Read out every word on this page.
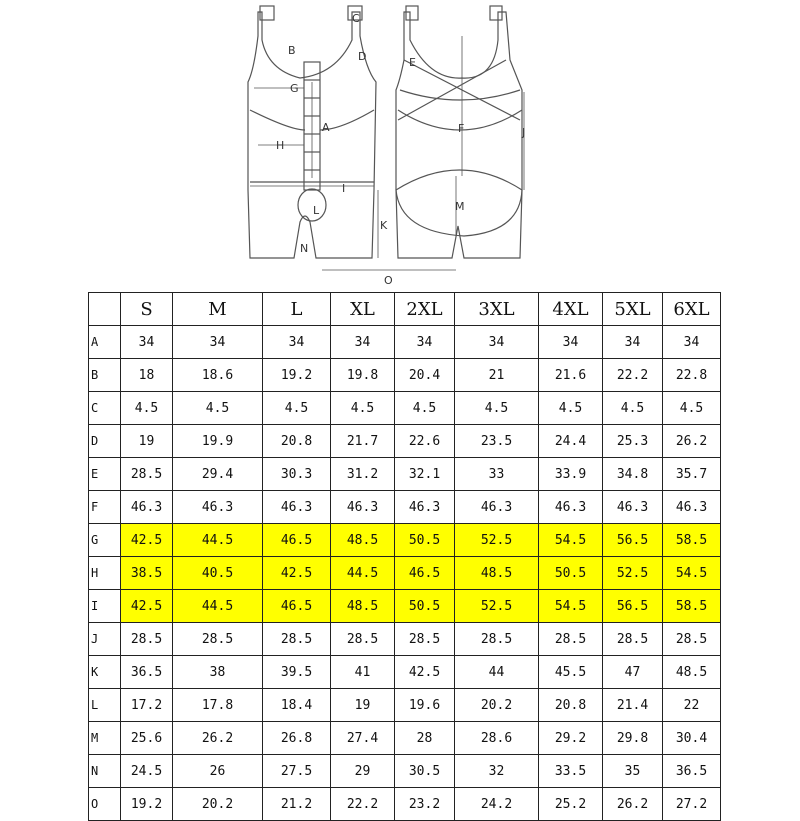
A
B
C
D	E
F
G
H
I
J
K
L	M
N
O
	S	M	L	XL	2XL	3XL	4XL	5XL	6XL
A	34	34	34	34	34	34	34	34	34
B	18	18.6	19.2	19.8	20.4	21	21.6	22.2	22.8
C	4.5	4.5	4.5	4.5	4.5	4.5	4.5	4.5	4.5
D	19	19.9	20.8	21.7	22.6	23.5	24.4	25.3	26.2
E	28.5	29.4	30.3	31.2	32.1	33	33.9	34.8	35.7
F	46.3	46.3	46.3	46.3	46.3	46.3	46.3	46.3	46.3
G	42.5	44.5	46.5	48.5	50.5	52.5	54.5	56.5	58.5
H	38.5	40.5	42.5	44.5	46.5	48.5	50.5	52.5	54.5
I	42.5	44.5	46.5	48.5	50.5	52.5	54.5	56.5	58.5
J	28.5	28.5	28.5	28.5	28.5	28.5	28.5	28.5	28.5
K	36.5	38	39.5	41	42.5	44	45.5	47	48.5
L	17.2	17.8	18.4	19	19.6	20.2	20.8	21.4	22
M	25.6	26.2	26.8	27.4	28	28.6	29.2	29.8	30.4
N	24.5	26	27.5	29	30.5	32	33.5	35	36.5
O	19.2	20.2	21.2	22.2	23.2	24.2	25.2	26.2	27.2
